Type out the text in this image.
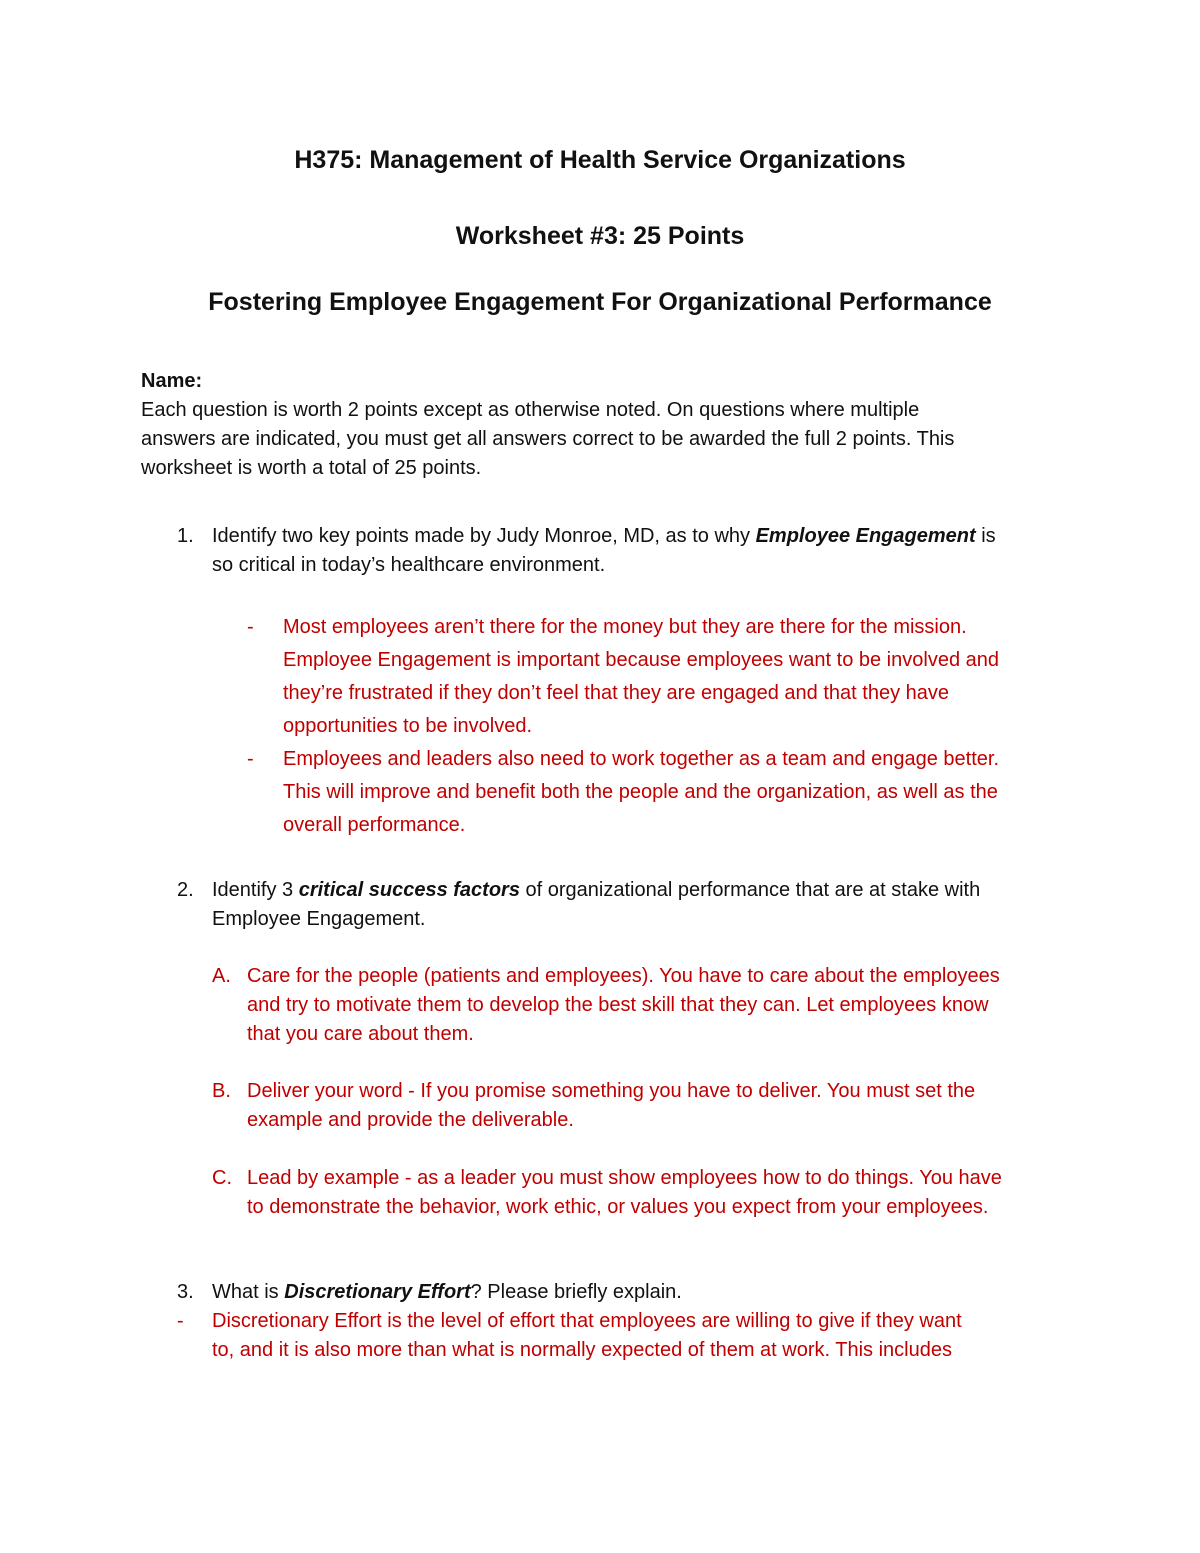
H375: Management of Health Service Organizations
Worksheet #3: 25 Points
Fostering Employee Engagement For Organizational Performance
Name:
Each question is worth 2 points except as otherwise noted. On questions where multiple
answers are indicated, you must get all answers correct to be awarded the full 2 points. This
worksheet is worth a total of 25 points.
1. Identify two key points made by Judy Monroe, MD, as to why Employee Engagement is
so critical in today’s healthcare environment.
- Most employees aren’t there for the money but they are there for the mission.
Employee Engagement is important because employees want to be involved and
they’re frustrated if they don’t feel that they are engaged and that they have
opportunities to be involved.
- Employees and leaders also need to work together as a team and engage better.
This will improve and benefit both the people and the organization, as well as the
overall performance.
2. Identify 3 critical success factors of organizational performance that are at stake with
Employee Engagement.
A. Care for the people (patients and employees). You have to care about the employees
and try to motivate them to develop the best skill that they can. Let employees know
that you care about them.
B. Deliver your word - If you promise something you have to deliver. You must set the
example and provide the deliverable.
C. Lead by example - as a leader you must show employees how to do things. You have
to demonstrate the behavior, work ethic, or values you expect from your employees.
3. What is Discretionary Effort? Please briefly explain.
- Discretionary Effort is the level of effort that employees are willing to give if they want
to, and it is also more than what is normally expected of them at work. This includes
